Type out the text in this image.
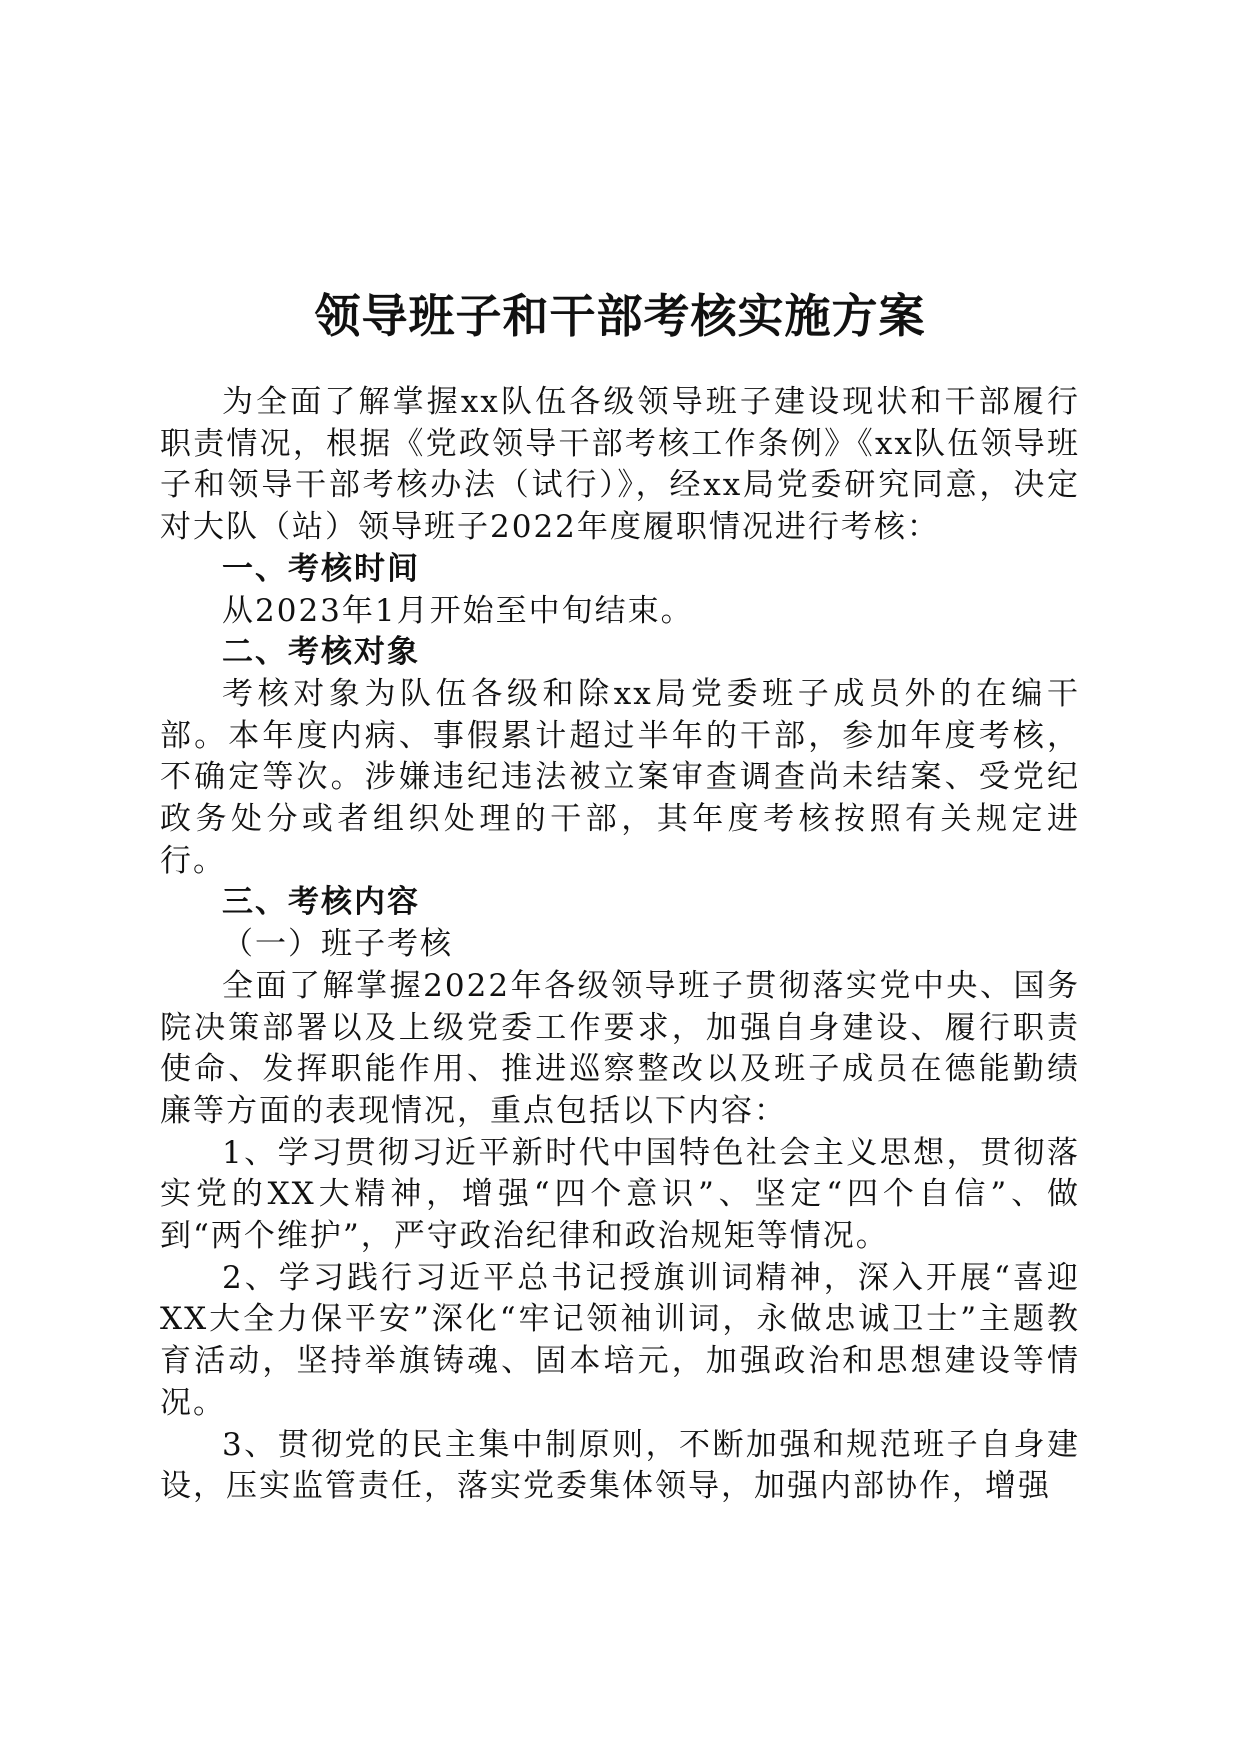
领导班子和干部考核实施方案

为全面了解掌握xx队伍各级领导班子建设现状和干部履行职责情况，根据《党政领导干部考核工作条例》《xx队伍领导班子和领导干部考核办法（试行）》，经xx局党委研究同意，决定对大队（站）领导班子2022年度履职情况进行考核：

一、考核时间

从2023年1月开始至中旬结束。

二、考核对象

考核对象为队伍各级和除xx局党委班子成员外的在编干部。本年度内病、事假累计超过半年的干部，参加年度考核，不确定等次。涉嫌违纪违法被立案审查调查尚未结案、受党纪政务处分或者组织处理的干部，其年度考核按照有关规定进行。

三、考核内容
（一）班子考核

全面了解掌握2022年各级领导班子贯彻落实党中央、国务院决策部署以及上级党委工作要求，加强自身建设、履行职责使命、发挥职能作用、推进巡察整改以及班子成员在德能勤绩廉等方面的表现情况，重点包括以下内容：

1、学习贯彻习近平新时代中国特色社会主义思想，贯彻落实党的XX大精神，增强“四个意识”、坚定“四个自信”、做到“两个维护”，严守政治纪律和政治规矩等情况。

2、学习践行习近平总书记授旗训词精神，深入开展“喜迎XX大全力保平安”深化“牢记领袖训词，永做忠诚卫士”主题教育活动，坚持举旗铸魂、固本培元，加强政治和思想建设等情况。

3、贯彻党的民主集中制原则，不断加强和规范班子自身建设，压实监管责任，落实党委集体领导，加强内部协作，增强
